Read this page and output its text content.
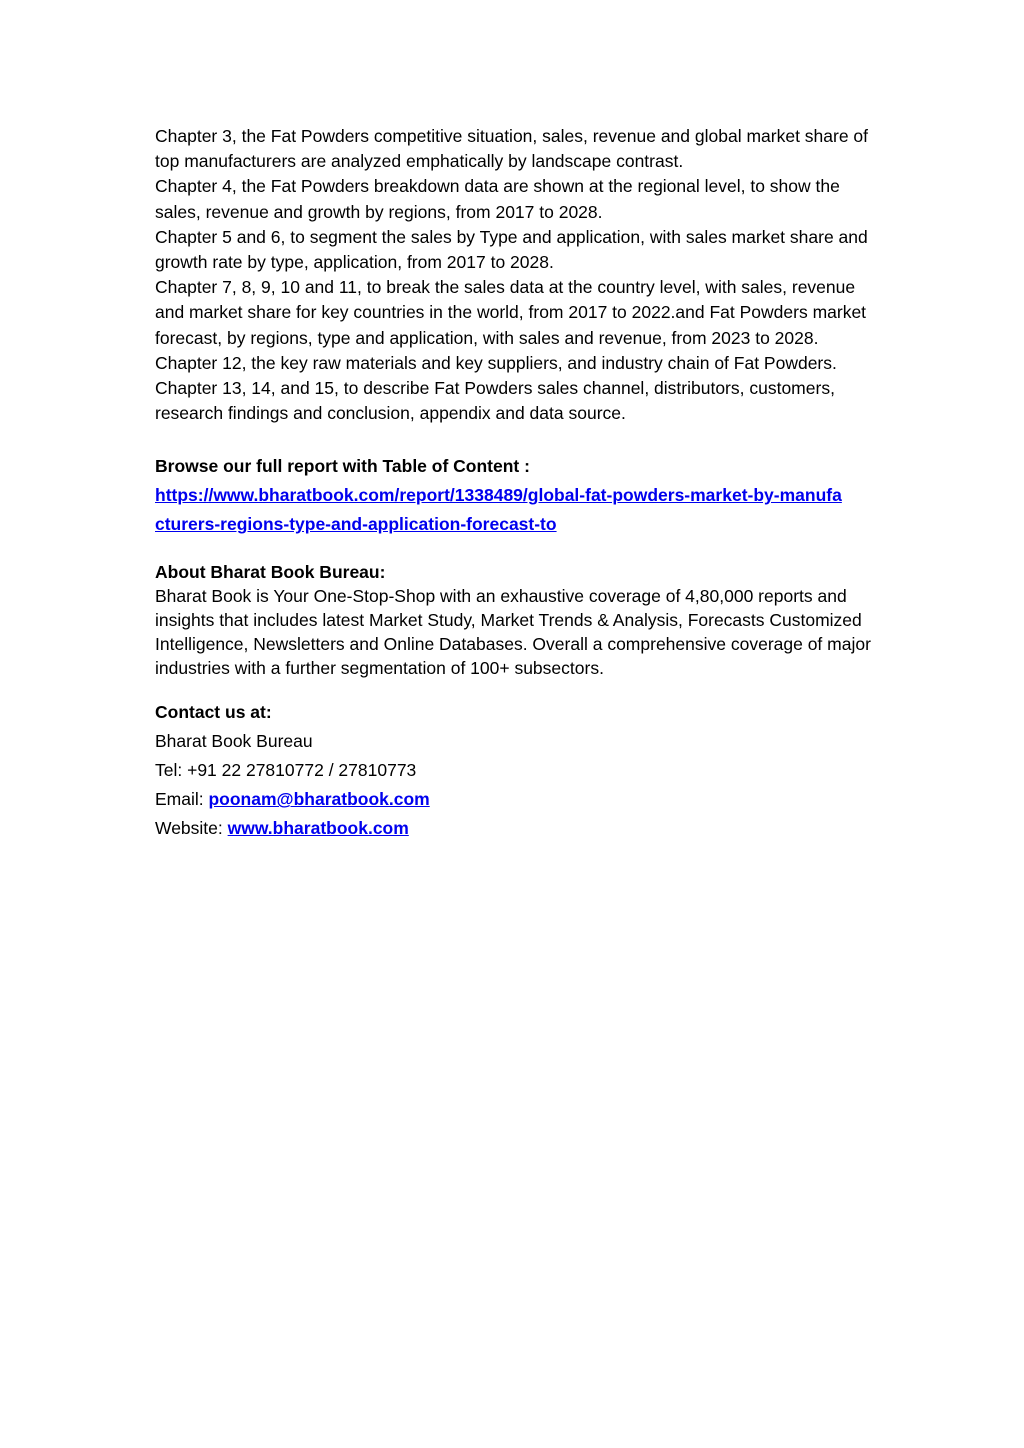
Chapter 3, the Fat Powders competitive situation, sales, revenue and global market share of top manufacturers are analyzed emphatically by landscape contrast.

Chapter 4, the Fat Powders breakdown data are shown at the regional level, to show the sales, revenue and growth by regions, from 2017 to 2028.

Chapter 5 and 6, to segment the sales by Type and application, with sales market share and growth rate by type, application, from 2017 to 2028.

Chapter 7, 8, 9, 10 and 11, to break the sales data at the country level, with sales, revenue and market share for key countries in the world, from 2017 to 2022.and Fat Powders market forecast, by regions, type and application, with sales and revenue, from 2023 to 2028.

Chapter 12, the key raw materials and key suppliers, and industry chain of Fat Powders.

Chapter 13, 14, and 15, to describe Fat Powders sales channel, distributors, customers, research findings and conclusion, appendix and data source.

Browse our full report with Table of Content :

https://www.bharatbook.com/report/1338489/global-fat-powders-market-by-manufacturers-regions-type-and-application-forecast-to

About Bharat Book Bureau:

Bharat Book is Your One-Stop-Shop with an exhaustive coverage of 4,80,000 reports and insights that includes latest Market Study, Market Trends & Analysis, Forecasts Customized Intelligence, Newsletters and Online Databases. Overall a comprehensive coverage of major industries with a further segmentation of 100+ subsectors.

Contact us at:

Bharat Book Bureau

Tel: +91 22 27810772 / 27810773

Email: poonam@bharatbook.com

Website: www.bharatbook.com
